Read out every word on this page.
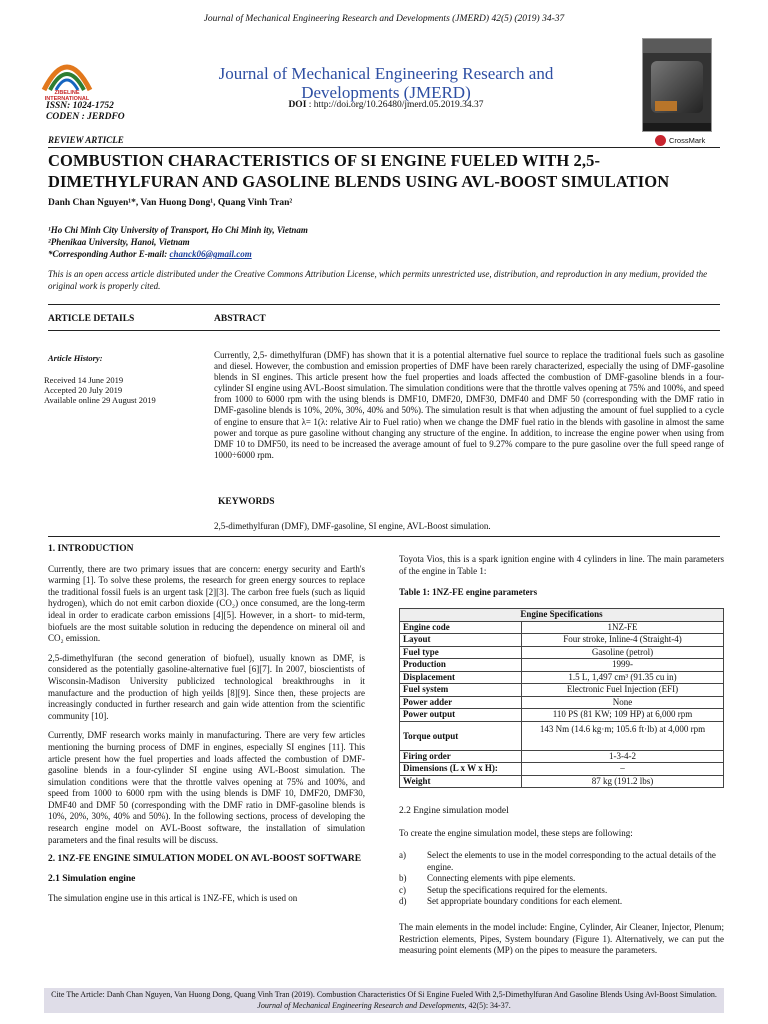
Journal of Mechanical Engineering Research and Developments (JMERD) 42(5) (2019) 34-37
ZIBELINE INTERNATIONAL
ISSN: 1024-1752
CODEN : JERDFO
Journal of Mechanical Engineering Research and Developments (JMERD)
DOI : http://doi.org/10.26480/jmerd.05.2019.34.37
CrossMark
REVIEW ARTICLE
COMBUSTION CHARACTERISTICS OF SI ENGINE FUELED WITH 2,5-DIMETHYLFURAN AND GASOLINE BLENDS USING AVL-BOOST SIMULATION
Danh Chan Nguyen¹*, Van Huong Dong¹, Quang Vinh Tran²
¹Ho Chi Minh City University of Transport, Ho Chi Minh ity, Vietnam
²Phenikaa University, Hanoi, Vietnam
*Corresponding Author E-mail: chanck06@gmail.com
This is an open access article distributed under the Creative Commons Attribution License, which permits unrestricted use, distribution, and reproduction in any medium, provided the original work is properly cited.
ARTICLE DETAILS	ABSTRACT
Article History:
Received 14 June 2019
Accepted 20 July 2019
Available online 29 August 2019
Currently, 2,5- dimethylfuran (DMF) has shown that it is a potential alternative fuel source to replace the traditional fuels such as gasoline and diesel. However, the combustion and emission properties of DMF have been rarely characterized, especially the using of DMF-gasoline blends in SI engines. This article present how the fuel properties and loads affected the combustion of DMF-gasoline blends in a four-cylinder SI engine using AVL-Boost simulation. The simulation conditions were that the throttle valves opening at 75% and 100%, and speed from 1000 to 6000 rpm with the using blends is DMF10, DMF20, DMF30, DMF40 and DMF 50 (corresponding with the DMF ratio in DMF-gasoline blends is 10%, 20%, 30%, 40% and 50%). The simulation result is that when adjusting the amount of fuel supplied to a cycle of engine to ensure that λ= 1(λ: relative Air to Fuel ratio) when we change the DMF fuel ratio in the blends with gasoline in almost the same power and torque as pure gasoline without changing any structure of the engine. In addition, to increase the engine power when using from DMF 10 to DMF50, its need to be increased the average amount of fuel to 9.27% compare to the pure gasoline over the full speed range of 1000÷6000 rpm.
KEYWORDS
2,5-dimethylfuran (DMF), DMF-gasoline, SI engine, AVL-Boost simulation.
1. INTRODUCTION
Currently, there are two primary issues that are concern: energy security and Earth's warming [1]. To solve these prolems, the research for green energy sources to replace the traditional fossil fuels is an urgent task [2][3]. The carbon free fuels (such as liquid hydrogen), which do not emit carbon dioxide (CO₂) once consumed, are the long-term ideal in order to eradicate carbon emissions [4][5]. However, in a short- to mid-term, biofuels are the most suitable solution in reducing the dependence on mineral oil and CO₂ emission.
2,5-dimethylfuran (the second generation of biofuel), usually known as DMF, is considered as the potentially gasoline-alternative fuel [6][7]. In 2007, bioscientists of Wisconsin-Madison University publicized technological breakthroughs in it manufacture and the production of high yeilds [8][9]. Since then, these projects are increasingly conducted in further research and gain wide attention from the scientific community [10].
Currently, DMF research works mainly in manufacturing. There are very few articles mentioning the burning process of DMF in engines, especially SI engines [11]. This article present how the fuel properties and loads affected the combustion of DMF-gasoline blends in a four-cylinder SI engine using AVL-Boost simulation. The simulation conditions were that the throttle valves opening at 75% and 100%, and speed from 1000 to 6000 rpm with the using blends is DMF 10, DMF20, DMF30, DMF40 and DMF 50 (corresponding with the DMF ratio in DMF-gasoline blends is 10%, 20%, 30%, 40% and 50%). In the following sections, process of developing the research engine model on AVL-Boost software, the installation of simulation parameters and the final results will be discuss.
2. 1NZ-FE ENGINE SIMULATION MODEL ON AVL-BOOST SOFTWARE
2.1 Simulation engine
The simulation engine use in this artical is 1NZ-FE, which is used on
Toyota Vios, this is a spark ignition engine with 4 cylinders in line. The main parameters of the engine in Table 1:
Table 1: 1NZ-FE engine parameters
Engine Specifications	
Engine code	1NZ-FE
Layout	Four stroke, Inline-4 (Straight-4)
Fuel type	Gasoline (petrol)
Production	1999-
Displacement	1.5 L, 1,497 cm³ (91.35 cu in)
Fuel system	Electronic Fuel Injection (EFI)
Power adder	None
Power output	110 PS (81 KW; 109 HP) at 6,000 rpm
Torque output	143 Nm (14.6 kg·m; 105.6 ft·lb) at 4,000 rpm
Firing order	1-3-4-2
Dimensions (L x W x H):	–
Weight	87 kg (191.2 lbs)
2.2 Engine simulation model
To create the engine simulation model, these steps are following:
a)	Select the elements to use in the model corresponding to the actual details of the engine.
b)	Connecting elements with pipe elements.
c)	Setup the specifications required for the elements.
d)	Set appropriate boundary conditions for each element.
The main elements in the model include: Engine, Cylinder, Air Cleaner, Injector, Plenum; Restriction elements, Pipes, System boundary (Figure 1). Alternatively, we can put the measuring point elements (MP) on the pipes to measure the parameters.
Cite The Article: Danh Chan Nguyen, Van Huong Dong, Quang Vinh Tran (2019). Combustion Characteristics Of Si Engine Fueled With 2,5-Dimethylfuran And Gasoline Blends Using Avl-Boost Simulation. Journal of Mechanical Engineering Research and Developments, 42(5): 34-37.
